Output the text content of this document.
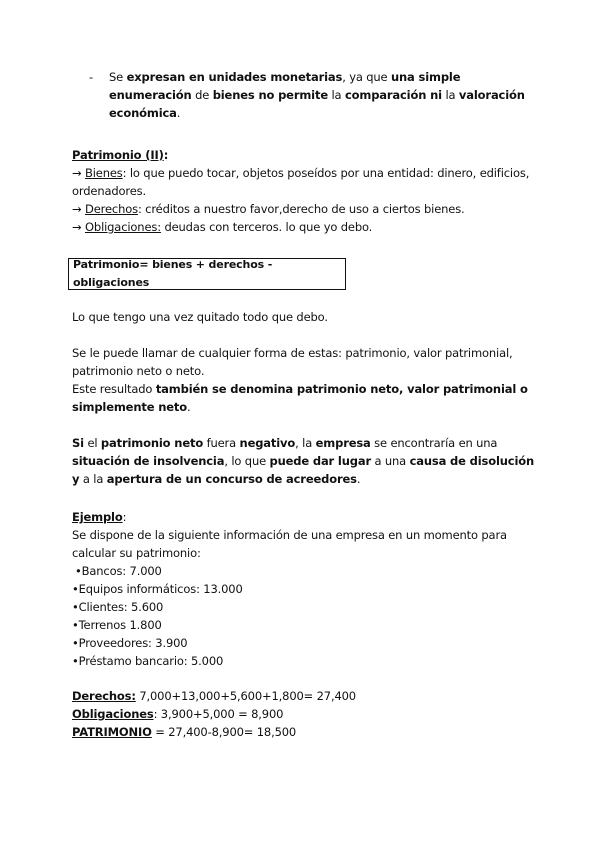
- Se expresan en unidades monetarias, ya que una simple enumeración de bienes no permite la comparación ni la valoración económica.

Patrimonio (II):

→ Bienes: lo que puedo tocar, objetos poseídos por una entidad: dinero, edificios, ordenadores.

→ Derechos: créditos a nuestro favor,derecho de uso a ciertos bienes.

→ Obligaciones: deudas con terceros. lo que yo debo.

Patrimonio= bienes + derechos - obligaciones

Lo que tengo una vez quitado todo que debo.

Se le puede llamar de cualquier forma de estas: patrimonio, valor patrimonial, patrimonio neto o neto.
Este resultado también se denomina patrimonio neto, valor patrimonial o simplemente neto.

Si el patrimonio neto fuera negativo, la empresa se encontraría en una situación de insolvencia, lo que puede dar lugar a una causa de disolución y a la apertura de un concurso de acreedores.

Ejemplo:

Se dispone de la siguiente información de una empresa en un momento para calcular su patrimonio:

•Bancos: 7.000

•Equipos informáticos: 13.000

•Clientes: 5.600

•Terrenos 1.800

•Proveedores: 3.900

•Préstamo bancario: 5.000

Derechos: 7,000+13,000+5,600+1,800= 27,400

Obligaciones: 3,900+5,000 = 8,900

PATRIMONIO = 27,400-8,900= 18,500
